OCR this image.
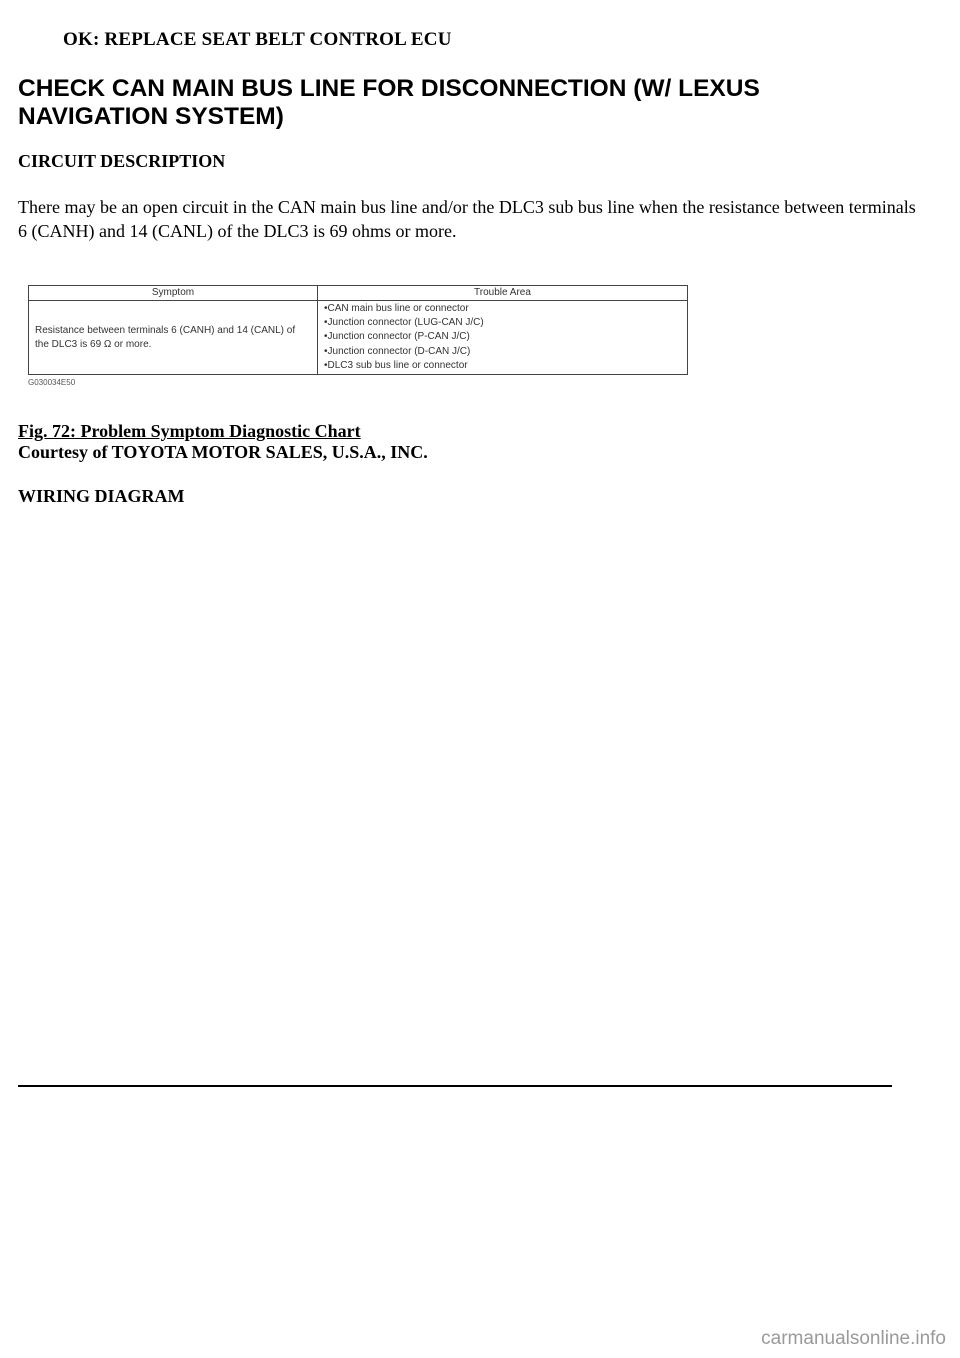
OK: REPLACE SEAT BELT CONTROL ECU
CHECK CAN MAIN BUS LINE FOR DISCONNECTION (W/ LEXUS NAVIGATION SYSTEM)
CIRCUIT DESCRIPTION

There may be an open circuit in the CAN main bus line and/or the DLC3 sub bus line when the resistance between terminals 6 (CANH) and 14 (CANL) of the DLC3 is 69 ohms or more.

Symptom	Trouble Area
Resistance between terminals 6 (CANH) and 14 (CANL) of the DLC3 is 69 Ω or more.	•CAN main bus line or connector
•Junction connector (LUG-CAN J/C)
•Junction connector (P-CAN J/C)
•Junction connector (D-CAN J/C)
•DLC3 sub bus line or connector
G030034E50
Fig. 72: Problem Symptom Diagnostic Chart
Courtesy of TOYOTA MOTOR SALES, U.S.A., INC.
WIRING DIAGRAM
carmanualsonline.info
